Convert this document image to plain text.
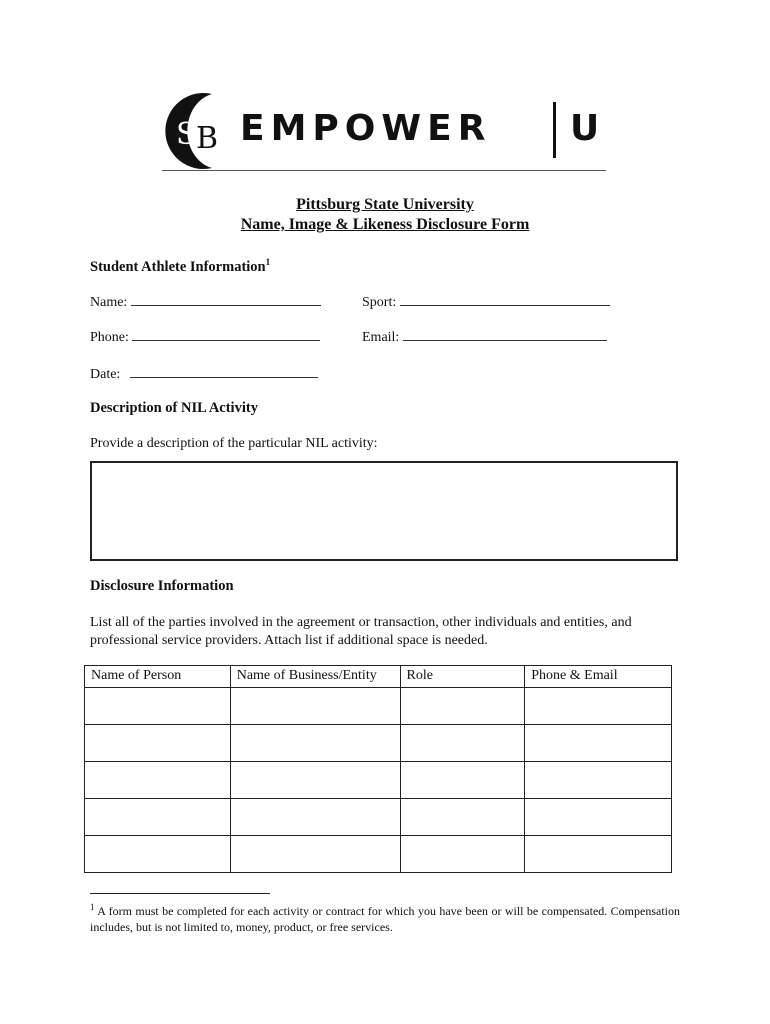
S B EMPOWER U
Pittsburg State University
Name, Image & Likeness Disclosure Form
Student Athlete Information$^1$
Name:	Sport:
Phone:	Email:
Date:
Description of NIL Activity
Provide a description of the particular NIL activity:
Disclosure Information
List all of the parties involved in the agreement or transaction, other individuals and entities, and professional service providers. Attach list if additional space is needed.
Name of Person	Name of Business/Entity	Role	Phone & Email

$^1$ A form must be completed for each activity or contract for which you have been or will be compensated. Compensation includes, but is not limited to, money, product, or free services.
